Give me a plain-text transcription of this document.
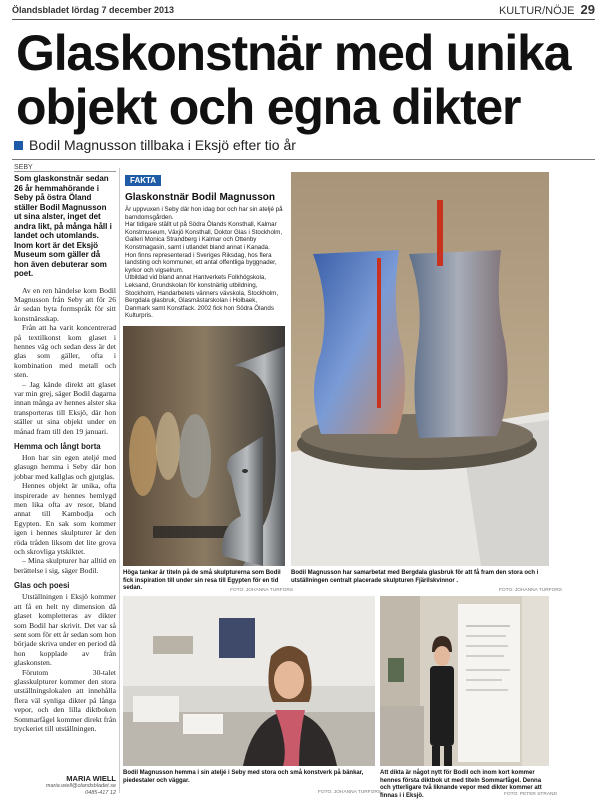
Ölandsbladet lördag 7 december 2013	KULTUR/NÖJE 29
Glaskonstnär med unika objekt och egna dikter
Bodil Magnusson tillbaka i Eksjö efter tio år
SEBY
Som glaskonstnär sedan 26 år hemmahörande i Seby på östra Öland ställer Bodil Magnusson ut sina alster, inget det andra likt, på många håll i landet och utomlands. Inom kort är det Eksjö Museum som gäller då hon även debuterar som poet.

Av en ren händelse kom Bodil Magnusson från Seby att för 26 år sedan byta formspråk för sitt konstnärsskap.

Från att ha varit koncentrerad på textilkonst kom glaset i hennes väg och sedan dess är det glas som gäller, ofta i kombination med metall och sten.

– Jag kände direkt att glaset var min grej, säger Bodil dagarna innan många av hennes alster ska transporteras till Eksjö, där hon ställer ut sina objekt under en månad fram till den 19 januari.

Hemma och långt borta

Hon har sin egen ateljé med glasugn hemma i Seby där hon jobbar med kallglas och gjutglas.

Hennes objekt är unika, ofta inspirerade av hennes hemlygd men lika ofta av resor, bland annat till Kambodja och Egypten. En sak som kommer igen i hennes skulpturer är den röda tråden liksom det lite grova och skrovliga ytskiktet.

– Mina skulpturer har alltid en berättelse i sig, säger Bodil.

Glas och poesi

Utställningen i Eksjö kommer att få en helt ny dimension då glaset kompletteras av dikter som Bodil har skrivit. Det var så sent som för ett år sedan som hon började skriva under en period då hon kopplade av från glaskonsten.

Förutom 30-talet glasskulpturer kommer den stora utställningslokalen att innehålla flera väl synliga dikter på långa vepor, och den lilla diktboken Sommarfågel kommer direkt från tryckeriet till utställningen.

MARIA WIELL
maria.wiell@olandsbladet.se
0485-417 12
FAKTA
Glaskonstnär Bodil Magnusson

Är uppvuxen i Seby där hon idag bor och har sin ateljé på barndomsgården.

Har tidigare ställt ut på Södra Ölands Konsthall, Kalmar Konstmuseum, Växjö Konsthall, Doktor Glas i Stockholm, Galleri Monica Strandberg i Kalmar och Ottenby Konstmagasin, samt i utlandet bland annat i Kanada.

Hon finns representerad i Sveriges Riksdag, hos flera landsting och kommuner, ett antal offentliga byggnader, kyrkor och vigselrum.

Utbildad vid bland annat Hantverkets Folkhögskola, Leksand, Grundskolan för konstnärlig utbildning, Stockholm, Handarbetets vänners vävskola, Stockholm, Bergdala glasbruk, Glasmästarskolan i Holbaek, Danmark samt Konstfack. 2002 fick hon Södra Ölands Kulturpris.

Höga tankar är titeln på de små skulpturerna som Bodil fick inspiration till under sin resa till Egypten för en tid sedan.	FOTO: JOHANNA TURFORS
Bodil Magnusson har samarbetat med Bergdala glasbruk för att få fram den stora och i utställningen centralt placerade skulpturen Fjärilskvinnor .
FOTO: JOHANNA TURFORS
Bodil Magnusson hemma i sin ateljé i Seby med stora och små konstverk på bänkar, piedestaler och väggar.
FOTO: JOHANNA TURFORS
Att dikta är något nytt för Bodil och inom kort kommer hennes första diktbok ut med titeln Sommarfågel. Denna och ytterligare två liknande vepor med dikter kommer att finnas i i Eksjö.	FOTO: PETER STRAND
